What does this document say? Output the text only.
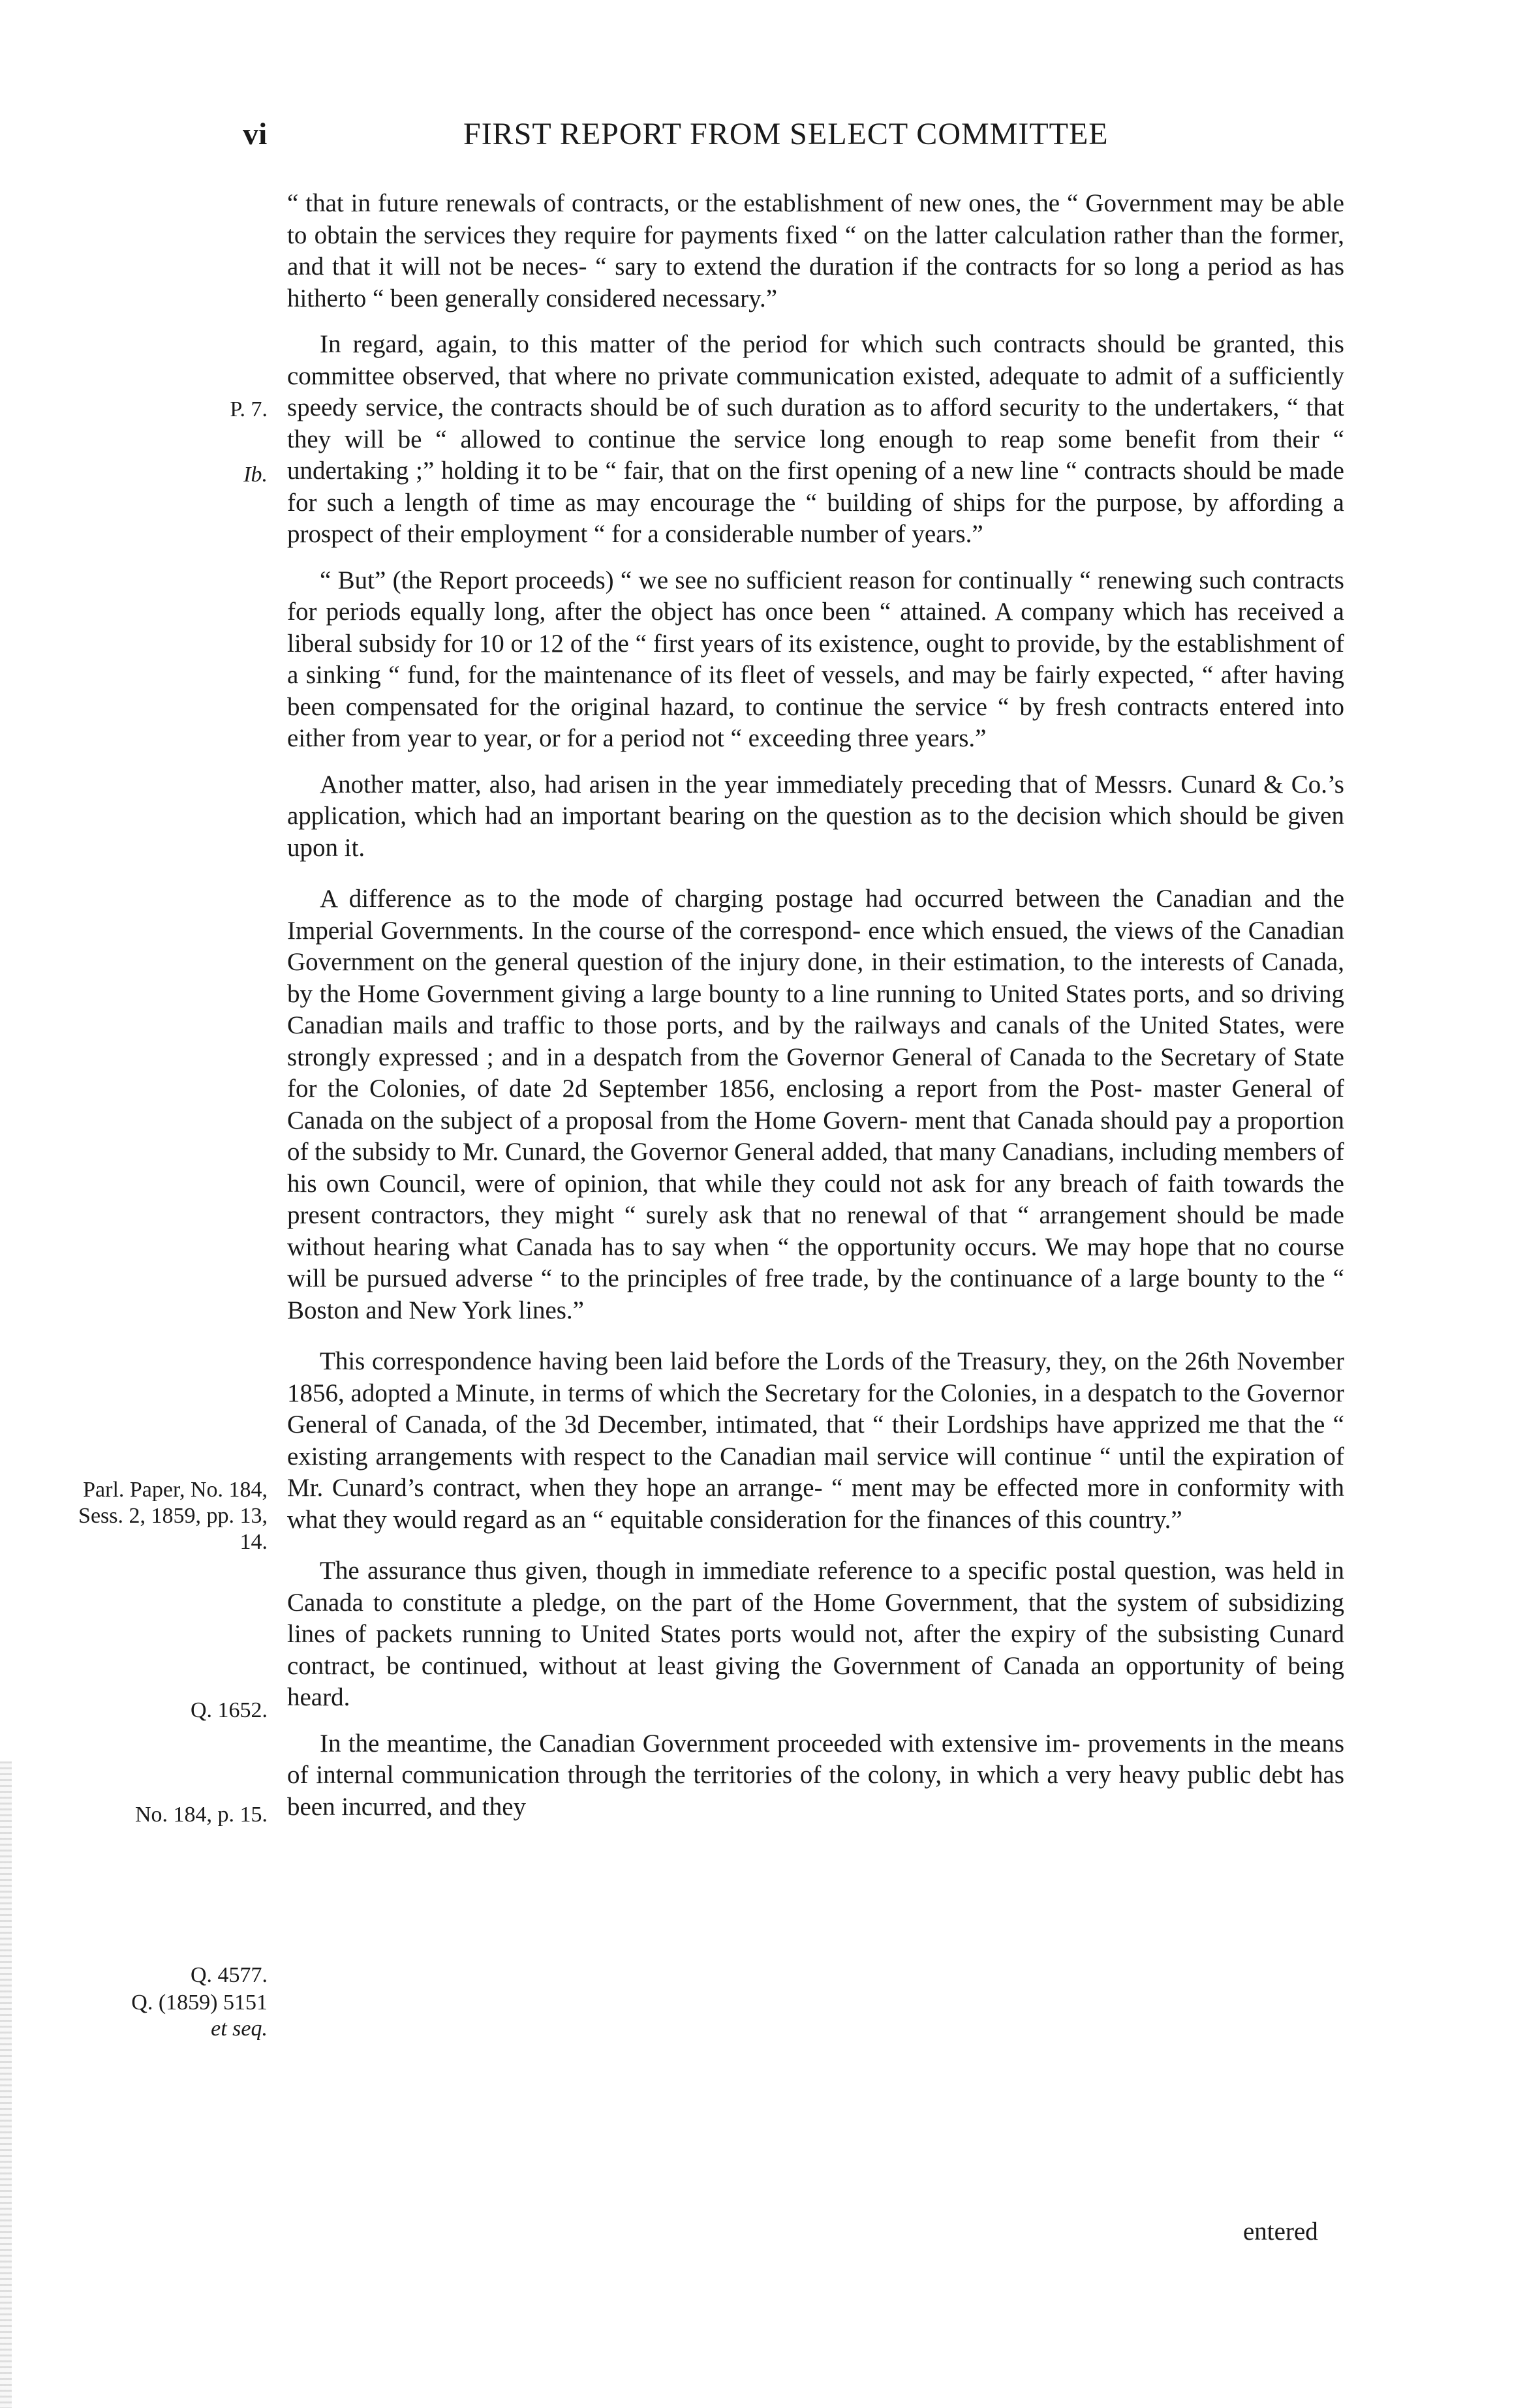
vi	FIRST REPORT FROM SELECT COMMITTEE

“ that in future renewals of contracts, or the establishment of new ones, the “ Government may be able to obtain the services they require for payments fixed “ on the latter calculation rather than the former, and that it will not be neces- “ sary to extend the duration if the contracts for so long a period as has hitherto “ been generally considered necessary.”

In regard, again, to this matter of the period for which such contracts should be granted, this committee observed, that where no private communication existed, adequate to admit of a sufficiently speedy service, the contracts should be of such duration as to afford security to the undertakers, “ that they will be “ allowed to continue the service long enough to reap some benefit from their “ undertaking ;” holding it to be “ fair, that on the first opening of a new line “ contracts should be made for such a length of time as may encourage the “ building of ships for the purpose, by affording a prospect of their employment “ for a considerable number of years.”

“ But” (the Report proceeds) “ we see no sufficient reason for continually “ renewing such contracts for periods equally long, after the object has once been “ attained. A company which has received a liberal subsidy for 10 or 12 of the “ first years of its existence, ought to provide, by the establishment of a sinking “ fund, for the maintenance of its fleet of vessels, and may be fairly expected, “ after having been compensated for the original hazard, to continue the service “ by fresh contracts entered into either from year to year, or for a period not “ exceeding three years.”

Another matter, also, had arisen in the year immediately preceding that of Messrs. Cunard & Co.’s application, which had an important bearing on the question as to the decision which should be given upon it.

A difference as to the mode of charging postage had occurred between the Canadian and the Imperial Governments. In the course of the correspond- ence which ensued, the views of the Canadian Government on the general question of the injury done, in their estimation, to the interests of Canada, by the Home Government giving a large bounty to a line running to United States ports, and so driving Canadian mails and traffic to those ports, and by the railways and canals of the United States, were strongly expressed ; and in a despatch from the Governor General of Canada to the Secretary of State for the Colonies, of date 2d September 1856, enclosing a report from the Post- master General of Canada on the subject of a proposal from the Home Govern- ment that Canada should pay a proportion of the subsidy to Mr. Cunard, the Governor General added, that many Canadians, including members of his own Council, were of opinion, that while they could not ask for any breach of faith towards the present contractors, they might “ surely ask that no renewal of that “ arrangement should be made without hearing what Canada has to say when “ the opportunity occurs. We may hope that no course will be pursued adverse “ to the principles of free trade, by the continuance of a large bounty to the “ Boston and New York lines.”

This correspondence having been laid before the Lords of the Treasury, they, on the 26th November 1856, adopted a Minute, in terms of which the Secretary for the Colonies, in a despatch to the Governor General of Canada, of the 3d December, intimated, that “ their Lordships have apprized me that the “ existing arrangements with respect to the Canadian mail service will continue “ until the expiration of Mr. Cunard’s contract, when they hope an arrange- “ ment may be effected more in conformity with what they would regard as an “ equitable consideration for the finances of this country.”

The assurance thus given, though in immediate reference to a specific postal question, was held in Canada to constitute a pledge, on the part of the Home Government, that the system of subsidizing lines of packets running to United States ports would not, after the expiry of the subsisting Cunard contract, be continued, without at least giving the Government of Canada an opportunity of being heard.

In the meantime, the Canadian Government proceeded with extensive im- provements in the means of internal communication through the territories of the colony, in which a very heavy public debt has been incurred, and they

entered
P. 7.
Ib.
Parl. Paper, No. 184, Sess. 2, 1859, pp. 13, 14.
Q. 1652.
No. 184, p. 15.
Q. 4577.
Q. (1859) 5151
et seq.
